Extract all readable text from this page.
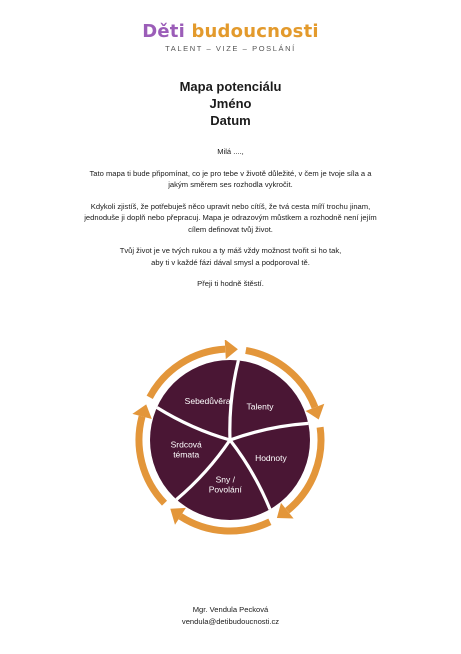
Děti budoucnosti
TALENT – VIZE – POSLÁNÍ
Mapa potenciálu
Jméno
Datum

Milá ....,

Tato mapa ti bude připomínat, co je pro tebe v životě důležité, v čem je tvoje síla a a
jakým směrem ses rozhodla vykročit.

Kdykoli zjistíš, že potřebuješ něco upravit nebo cítíš, že tvá cesta míří trochu jinam,
jednoduše ji doplň nebo přepracuj. Mapa je odrazovým můstkem a rozhodně není jejím
cílem definovat tvůj život.

Tvůj život je ve tvých rukou a ty máš vždy možnost tvořit si ho tak,
aby ti v každé fázi dával smysl a podporoval tě.

Přeji ti hodně štěstí.

Talenty
Hodnoty
Sny /
Povolání
Srdcová
témata
Sebedůvěra
Mgr. Vendula Pecková
vendula@detibudoucnosti.cz
